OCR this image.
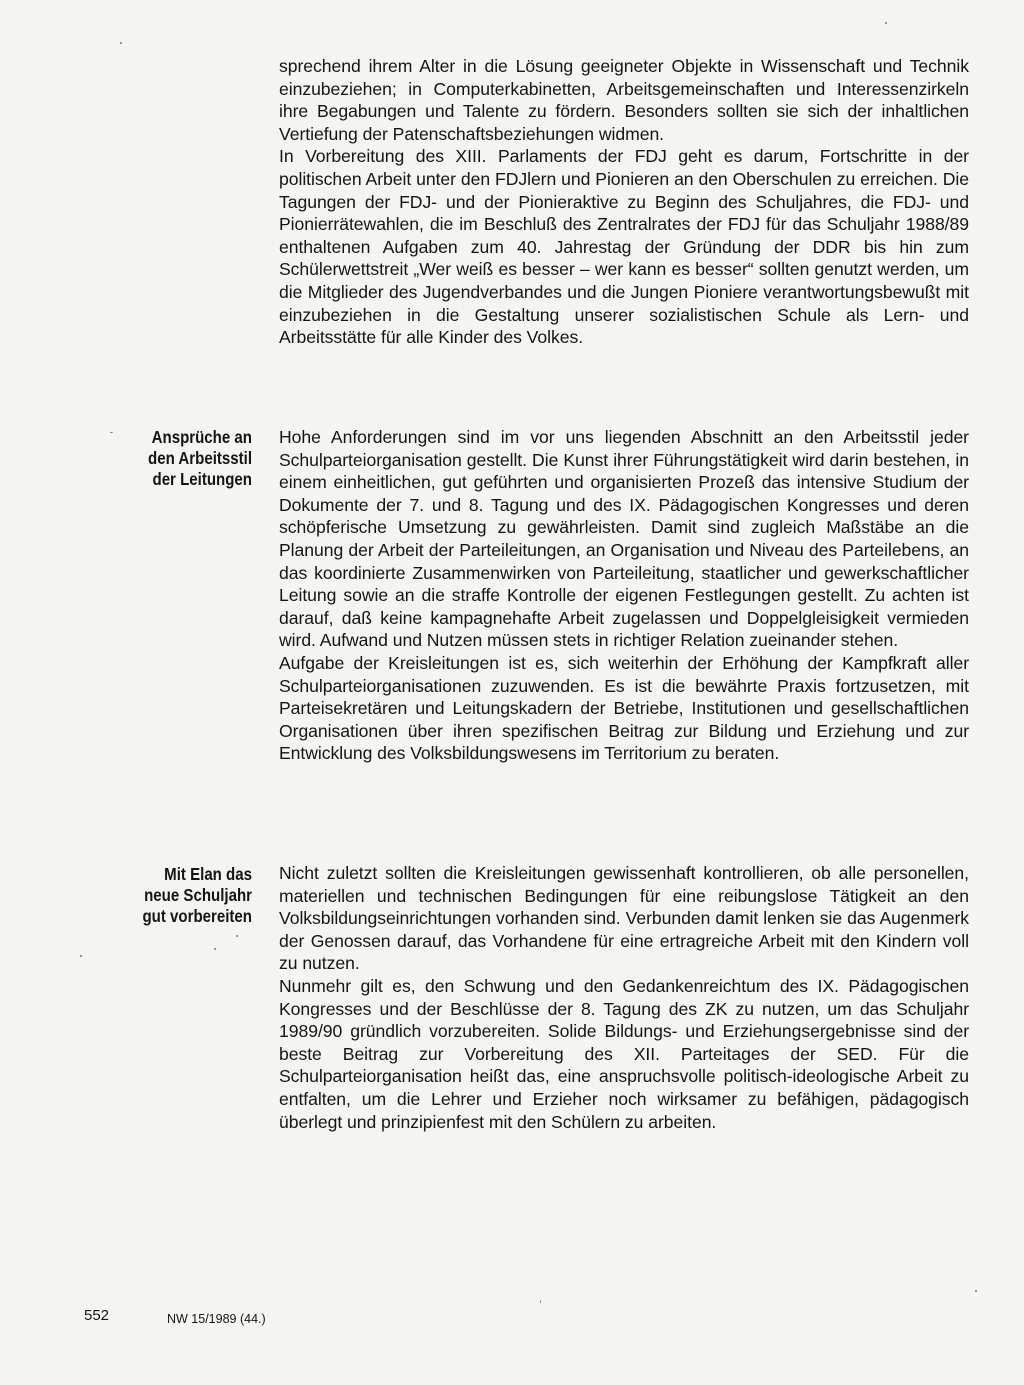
sprechend ihrem Alter in die Lösung geeigneter Objekte in Wissenschaft und Technik einzubeziehen; in Computerkabinetten, Arbeitsgemeinschaften und Interessenzirkeln ihre Begabungen und Talente zu fördern. Besonders sollten sie sich der inhaltlichen Vertiefung der Patenschaftsbeziehungen widmen.

In Vorbereitung des XIII. Parlaments der FDJ geht es darum, Fortschritte in der politischen Arbeit unter den FDJlern und Pionieren an den Oberschulen zu erreichen. Die Tagungen der FDJ- und der Pionieraktive zu Beginn des Schuljahres, die FDJ- und Pionierrätewahlen, die im Beschluß des Zentralrates der FDJ für das Schuljahr 1988/89 enthaltenen Aufgaben zum 40. Jahrestag der Gründung der DDR bis hin zum Schülerwettstreit „Wer weiß es besser – wer kann es besser“ sollten genutzt werden, um die Mitglieder des Jugendverbandes und die Jungen Pioniere verantwortungsbewußt mit einzubeziehen in die Gestaltung unserer sozialistischen Schule als Lern- und Arbeitsstätte für alle Kinder des Volkes.

Ansprüche an
den Arbeitsstil
der Leitungen

Hohe Anforderungen sind im vor uns liegenden Abschnitt an den Arbeitsstil jeder Schulparteiorganisation gestellt. Die Kunst ihrer Führungstätigkeit wird darin bestehen, in einem einheitlichen, gut geführten und organisierten Prozeß das intensive Studium der Dokumente der 7. und 8. Tagung und des IX. Pädagogischen Kongresses und deren schöpferische Umsetzung zu gewährleisten. Damit sind zugleich Maßstäbe an die Planung der Arbeit der Parteileitungen, an Organisation und Niveau des Parteilebens, an das koordinierte Zusammenwirken von Parteileitung, staatlicher und gewerkschaftlicher Leitung sowie an die straffe Kontrolle der eigenen Festlegungen gestellt. Zu achten ist darauf, daß keine kampagnehafte Arbeit zugelassen und Doppelgleisigkeit vermieden wird. Aufwand und Nutzen müssen stets in richtiger Relation zueinander stehen.

Aufgabe der Kreisleitungen ist es, sich weiterhin der Erhöhung der Kampfkraft aller Schulparteiorganisationen zuzuwenden. Es ist die bewährte Praxis fortzusetzen, mit Parteisekretären und Leitungskadern der Betriebe, Institutionen und gesellschaftlichen Organisationen über ihren spezifischen Beitrag zur Bildung und Erziehung und zur Entwicklung des Volksbildungswesens im Territorium zu beraten.

Mit Elan das
neue Schuljahr
gut vorbereiten

Nicht zuletzt sollten die Kreisleitungen gewissenhaft kontrollieren, ob alle personellen, materiellen und technischen Bedingungen für eine reibungslose Tätigkeit an den Volksbildungseinrichtungen vorhanden sind. Verbunden damit lenken sie das Augenmerk der Genossen darauf, das Vorhandene für eine ertragreiche Arbeit mit den Kindern voll zu nutzen.

Nunmehr gilt es, den Schwung und den Gedankenreichtum des IX. Pädagogischen Kongresses und der Beschlüsse der 8. Tagung des ZK zu nutzen, um das Schuljahr 1989/90 gründlich vorzubereiten. Solide Bildungs- und Erziehungsergebnisse sind der beste Beitrag zur Vorbereitung des XII. Parteitages der SED. Für die Schulparteiorganisation heißt das, eine anspruchsvolle politisch-ideologische Arbeit zu entfalten, um die Lehrer und Erzieher noch wirksamer zu befähigen, pädagogisch überlegt und prinzipienfest mit den Schülern zu arbeiten.

552	NW 15/1989 (44.)
